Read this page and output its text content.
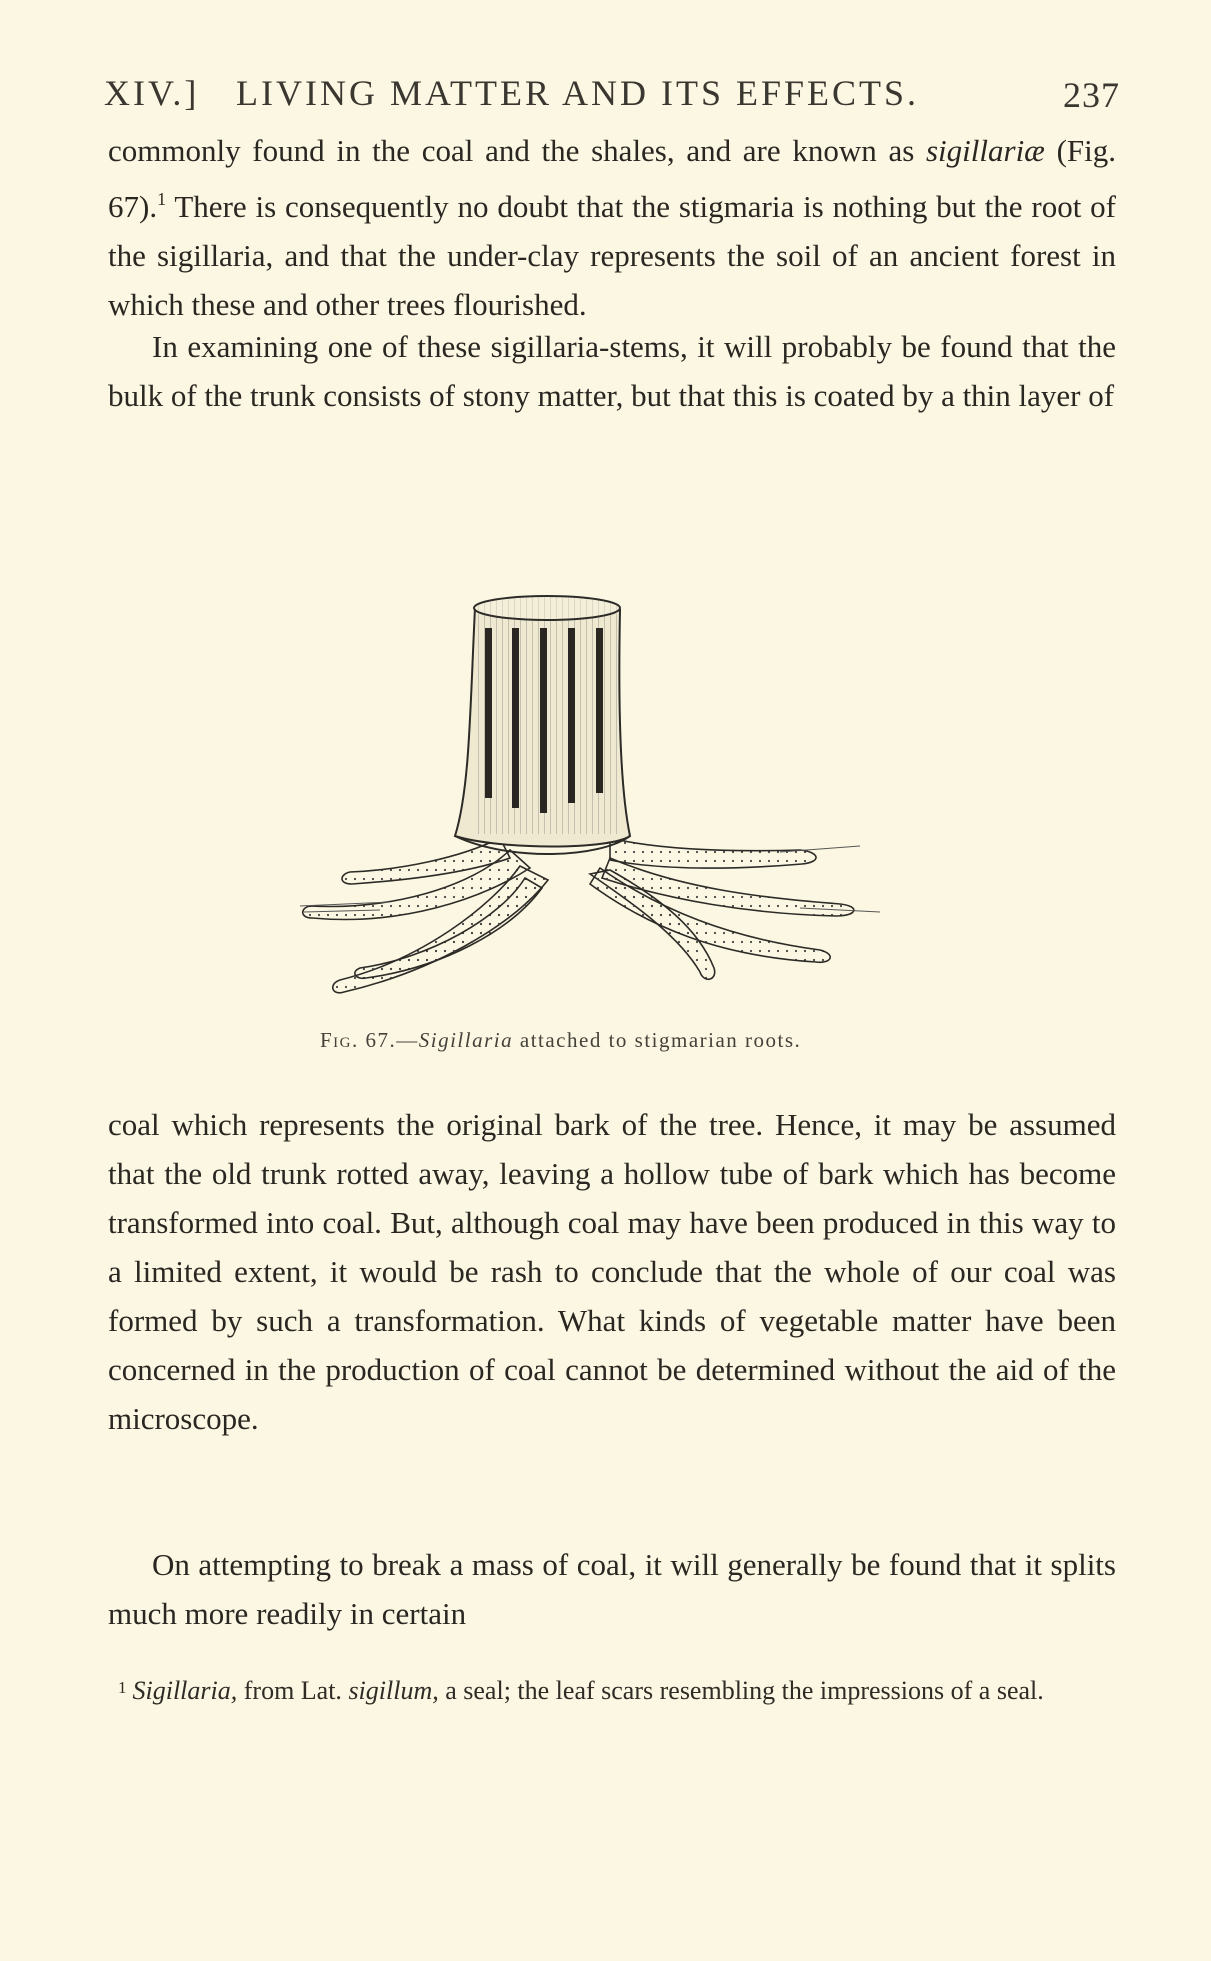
XIV.] LIVING MATTER AND ITS EFFECTS.	237

commonly found in the coal and the shales, and are known as sigillariæ (Fig. 67).$^1$ There is consequently no doubt that the stigmaria is nothing but the root of the sigillaria, and that the under-clay represents the soil of an ancient forest in which these and other trees flourished.

In examining one of these sigillaria-stems, it will probably be found that the bulk of the trunk consists of stony matter, but that this is coated by a thin layer of

Fig. 67.—Sigillaria attached to stigmarian roots.

coal which represents the original bark of the tree. Hence, it may be assumed that the old trunk rotted away, leaving a hollow tube of bark which has become transformed into coal. But, although coal may have been produced in this way to a limited extent, it would be rash to conclude that the whole of our coal was formed by such a transformation. What kinds of vegetable matter have been concerned in the production of coal cannot be determined without the aid of the microscope.

On attempting to break a mass of coal, it will generally be found that it splits much more readily in certain

$^1$ Sigillaria, from Lat. sigillum, a seal; the leaf scars resembling the impressions of a seal.
